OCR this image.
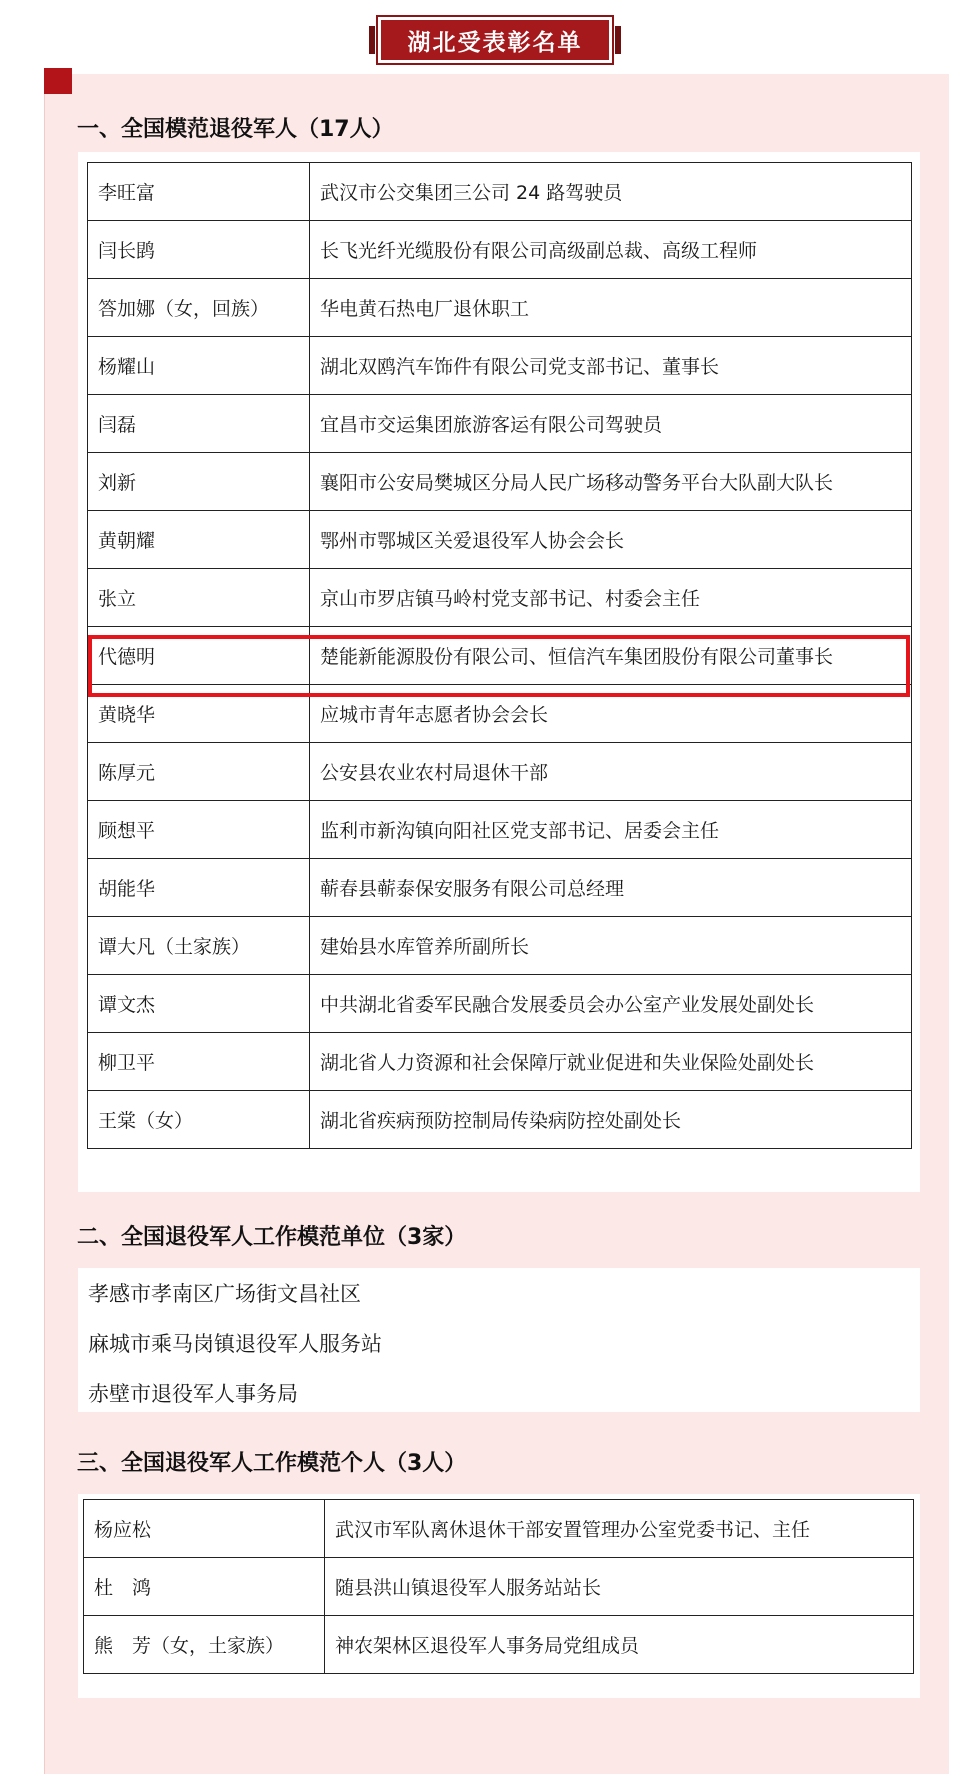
湖北受表彰名单
一、全国模范退役军人（17人）
李旺富	武汉市公交集团三公司 24 路驾驶员
闫长鹍	长飞光纤光缆股份有限公司高级副总裁、高级工程师
答加娜（女，回族）	华电黄石热电厂退休职工
杨耀山	湖北双鸥汽车饰件有限公司党支部书记、董事长
闫磊	宜昌市交运集团旅游客运有限公司驾驶员
刘新	襄阳市公安局樊城区分局人民广场移动警务平台大队副大队长
黄朝耀	鄂州市鄂城区关爱退役军人协会会长
张立	京山市罗店镇马岭村党支部书记、村委会主任
代德明	楚能新能源股份有限公司、恒信汽车集团股份有限公司董事长
黄晓华	应城市青年志愿者协会会长
陈厚元	公安县农业农村局退休干部
顾想平	监利市新沟镇向阳社区党支部书记、居委会主任
胡能华	蕲春县蕲泰保安服务有限公司总经理
谭大凡（土家族）	建始县水库管养所副所长
谭文杰	中共湖北省委军民融合发展委员会办公室产业发展处副处长
柳卫平	湖北省人力资源和社会保障厅就业促进和失业保险处副处长
王棠（女）	湖北省疾病预防控制局传染病防控处副处长
二、全国退役军人工作模范单位（3家）
孝感市孝南区广场街文昌社区
麻城市乘马岗镇退役军人服务站
赤壁市退役军人事务局
三、全国退役军人工作模范个人（3人）
杨应松	武汉市军队离休退休干部安置管理办公室党委书记、主任
杜　鸿	随县洪山镇退役军人服务站站长
熊　芳（女，土家族）	神农架林区退役军人事务局党组成员
